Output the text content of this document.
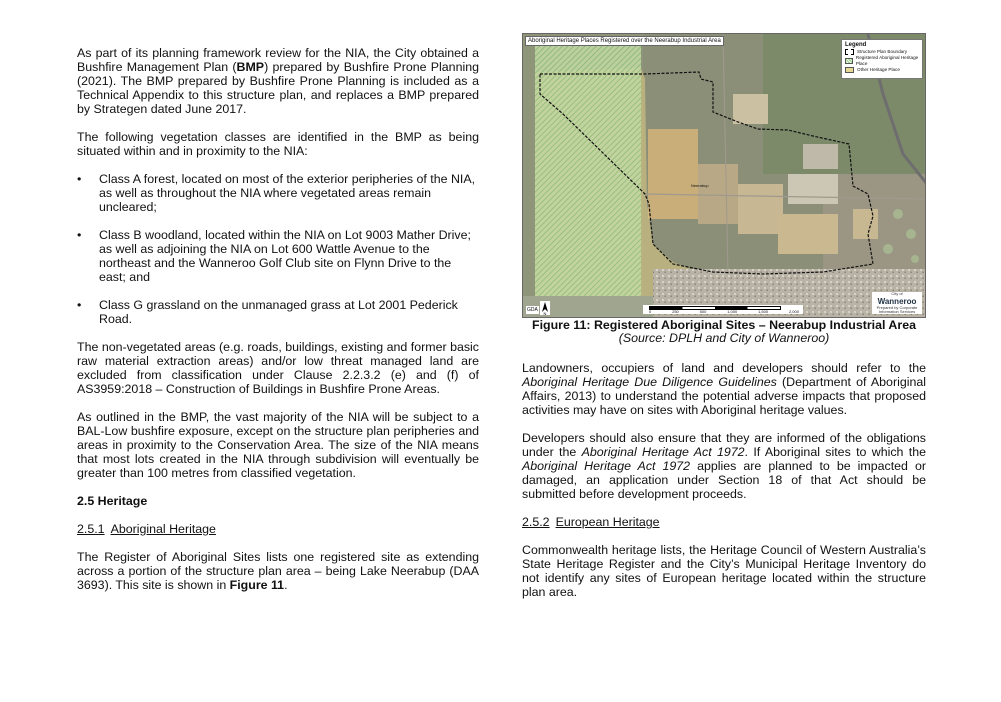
As part of its planning framework review for the NIA, the City obtained a Bushfire Management Plan (BMP) prepared by Bushfire Prone Planning (2021). The BMP prepared by Bushfire Prone Planning is included as a Technical Appendix to this structure plan, and replaces a BMP prepared by Strategen dated June 2017.

The following vegetation classes are identified in the BMP as being situated within and in proximity to the NIA:

• Class A forest, located on most of the exterior peripheries of the NIA, as well as throughout the NIA where vegetated areas remain uncleared;
• Class B woodland, located within the NIA on Lot 9003 Mather Drive; as well as adjoining the NIA on Lot 600 Wattle Avenue to the northeast and the Wanneroo Golf Club site on Flynn Drive to the east; and
• Class G grassland on the unmanaged grass at Lot 2001 Pederick Road.

The non-vegetated areas (e.g. roads, buildings, existing and former basic raw material extraction areas) and/or low threat managed land are excluded from classification under Clause 2.2.3.2 (e) and (f) of AS3959:2018 – Construction of Buildings in Bushfire Prone Areas.

As outlined in the BMP, the vast majority of the NIA will be subject to a BAL-Low bushfire exposure, except on the structure plan peripheries and areas in proximity to the Conservation Area. The size of the NIA means that most lots created in the NIA through subdivision will eventually be greater than 100 metres from classified vegetation.

2.5 Heritage
2.5.1 Aboriginal Heritage

The Register of Aboriginal Sites lists one registered site as extending across a portion of the structure plan area – being Lake Neerabup (DAA 3693). This site is shown in Figure 11.

Aboriginal Heritage Places Registered over the Neerabup Industrial Area
Legend
Structure Plan Boundary
Registered Aboriginal Heritage Place
Other Heritage Place
Neerabup
GDA
N	0	250	500	1,000	1,500	2,000
City of
Wanneroo
Prepared by Corporate Information Services
Figure 11: Registered Aboriginal Sites – Neerabup Industrial Area
(Source: DPLH and City of Wanneroo)

Landowners, occupiers of land and developers should refer to the Aboriginal Heritage Due Diligence Guidelines (Department of Aboriginal Affairs, 2013) to understand the potential adverse impacts that proposed activities may have on sites with Aboriginal heritage values.

Developers should also ensure that they are informed of the obligations under the Aboriginal Heritage Act 1972. If Aboriginal sites to which the Aboriginal Heritage Act 1972 applies are planned to be impacted or damaged, an application under Section 18 of that Act should be submitted before development proceeds.

2.5.2 European Heritage

Commonwealth heritage lists, the Heritage Council of Western Australia’s State Heritage Register and the City’s Municipal Heritage Inventory do not identify any sites of European heritage located within the structure plan area.
